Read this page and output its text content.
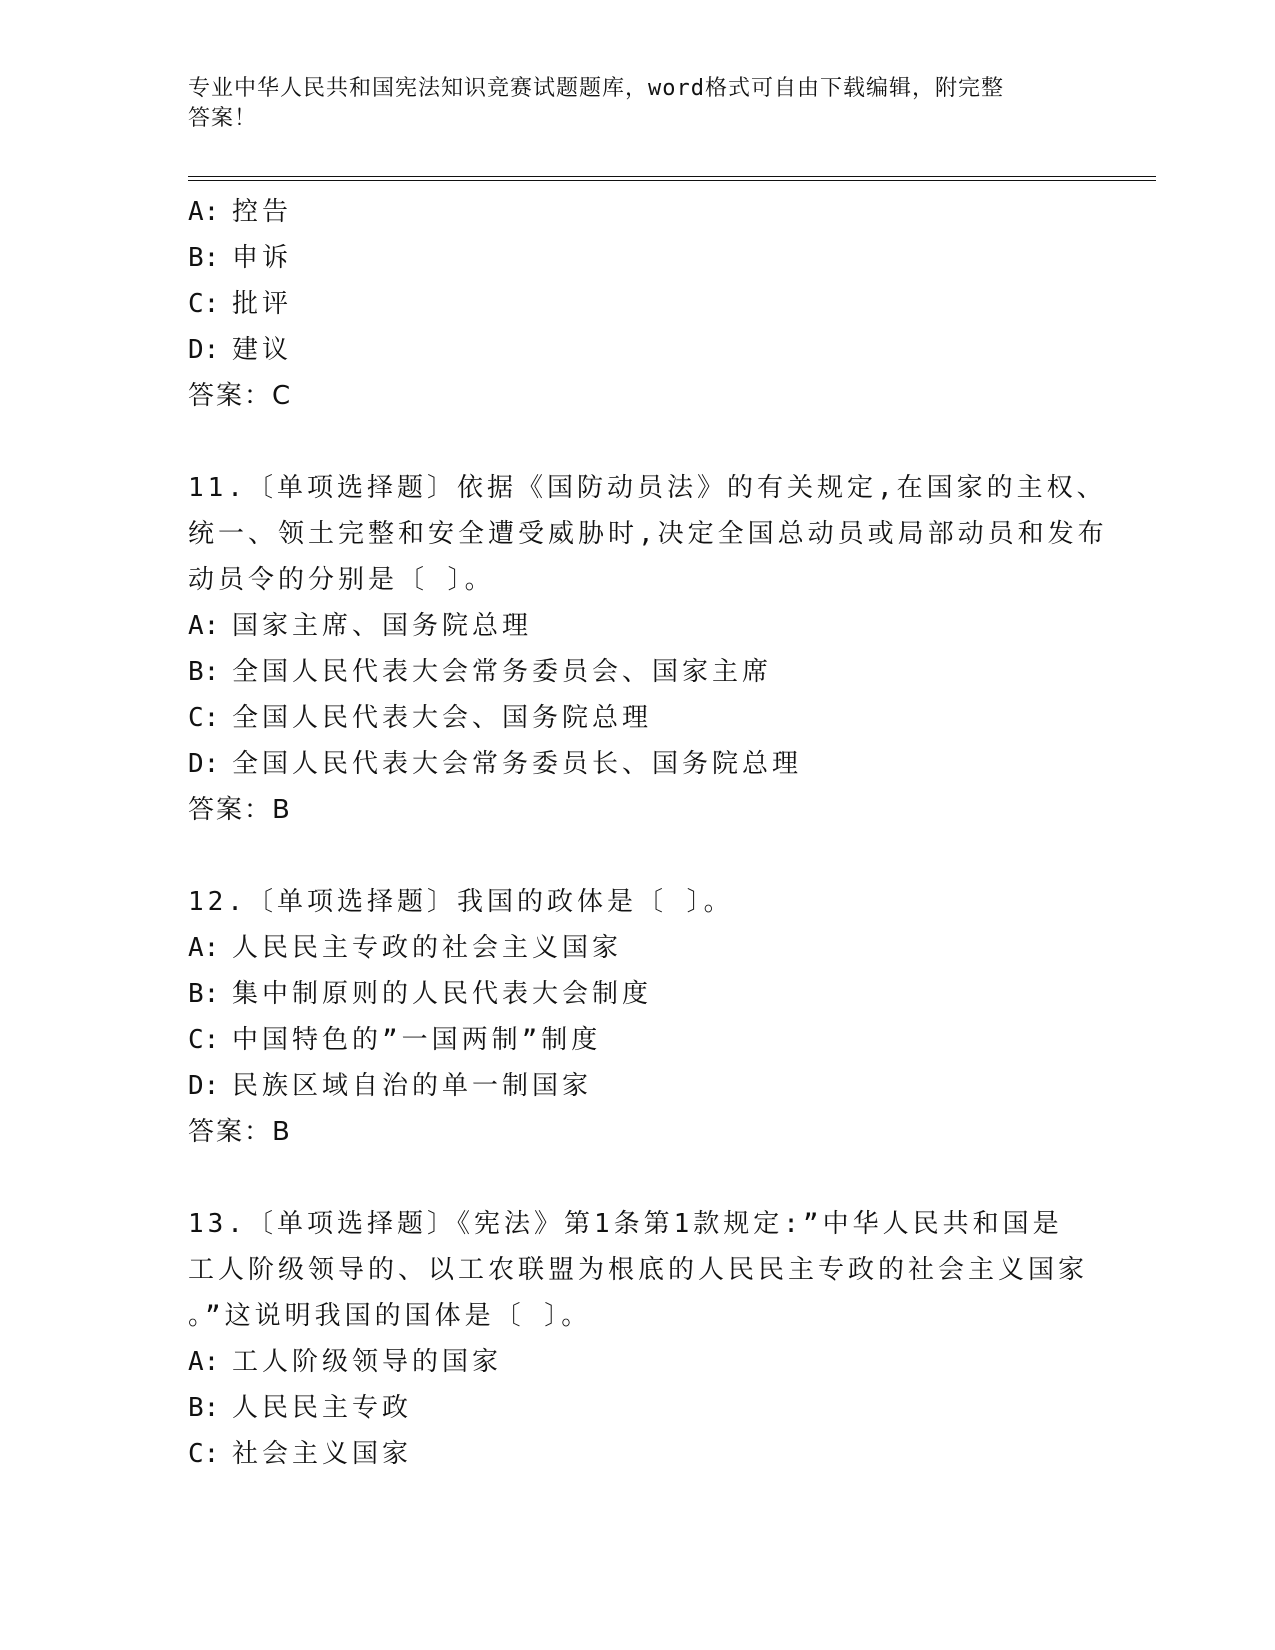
专业中华人民共和国宪法知识竞赛试题题库，word格式可自由下载编辑，附完整
答案！
A: 控告
B: 申诉
C: 批评
D: 建议
答案：C
11.〔单项选择题〕依据《国防动员法》的有关规定,在国家的主权、
统一、领土完整和安全遭受威胁时,决定全国总动员或局部动员和发布
动员令的分别是〔 〕。
A: 国家主席、国务院总理
B: 全国人民代表大会常务委员会、国家主席
C: 全国人民代表大会、国务院总理
D: 全国人民代表大会常务委员长、国务院总理
答案：B
12.〔单项选择题〕我国的政体是〔 〕。
A: 人民民主专政的社会主义国家
B: 集中制原则的人民代表大会制度
C: 中国特色的”一国两制”制度
D: 民族区域自治的单一制国家
答案：B
13.〔单项选择题〕《宪法》第1条第1款规定:”中华人民共和国是
工人阶级领导的、以工农联盟为根底的人民民主专政的社会主义国家
。”这说明我国的国体是〔 〕。
A: 工人阶级领导的国家
B: 人民民主专政
C: 社会主义国家
